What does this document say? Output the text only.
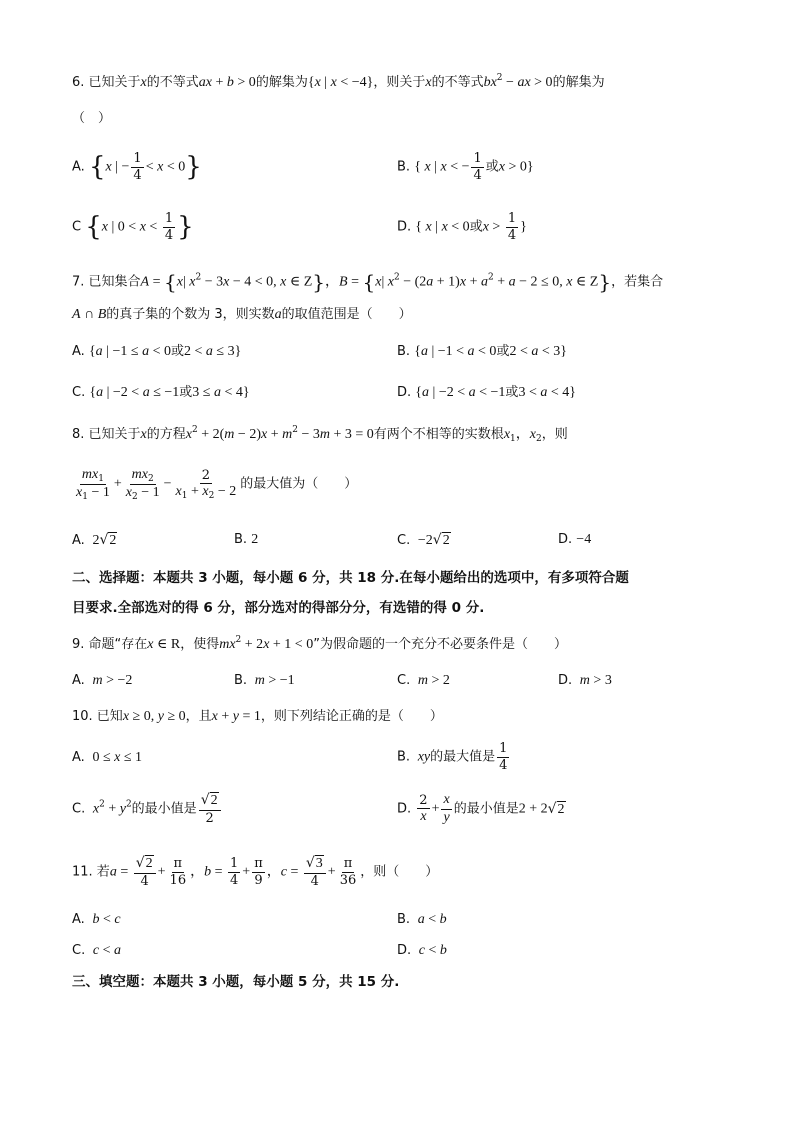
6. 已知关于x的不等式ax + b > 0的解集为{x | x < −4}，则关于x的不等式$bx^2$ − ax > 0的解集为
（　）
A. {x | − $\frac{1}{4} < x < 0$}	B. { x | x < − $\frac{1}{4}$ 或x > 0}
C {x | $0 < x < \frac{1}{4}$ }	D. { x | x < 0或$x > \frac{1}{4}$ }
7. 已知集合A = {x| $x^2 - 3x - 4 < 0$, x ∈ Z}，B = {x| $x^2 - (2a + 1)x + a^2 + a - 2 \le 0$, x ∈ Z}，若集合
A ∩ B的真子集的个数为 3，则实数a的取值范围是（　　）
A. {a | −1 ≤ a < 0或2 < a ≤ 3}	B. {a | −1 < a < 0或2 < a < 3}
C. {a | −2 < a ≤ −1或3 ≤ a < 4}	D. {a | −2 < a < −1或3 < a < 4}
8. 已知关于x的方程$x^2 + 2(m - 2)x + m^2 - 3m + 3 = 0$有两个不相等的实数根$x_1$，$x_2$，则
$\frac{mx_1}{x_1 - 1} + \frac{mx_2}{x_2 - 1} - \frac{2}{x_1 + x_2 - 2}$ 的最大值为（　　）
A.  2√2	B. 2	C.  −2√2	D. −4
二、选择题：本题共 3 小题，每小题 6 分，共 18 分.在每小题给出的选项中，有多项符合题
目要求.全部选对的得 6 分，部分选对的得部分分，有选错的得 0 分.
9. 命题“存在x ∈ R，使得$mx^2 + 2x + 1 < 0$”为假命题的一个充分不必要条件是（　　）
A.  m > −2	B.  m > −1	C.  m > 2	D.  m > 3
10. 已知x ≥ 0, y ≥ 0，且x + y = 1，则下列结论正确的是（　　）
A.  0 ≤ x ≤ 1	B.  xy的最大值是 $\frac{1}{4}$
C.  $x^2 + y^2$的最小值是 $\frac{√2}{2}$	D. $\frac{2}{x} + \frac{x}{y}$ 的最小值是2 + 2√2
11. 若$a = \frac{√2}{4} + \frac{\pi}{16}$ ，$b = \frac{1}{4} + \frac{\pi}{9}$ ，$c = \frac{√3}{4} + \frac{\pi}{36}$ ，则（　　）
A.  b < c	B.  a < b
C.  c < a	D.  c < b
三、填空题：本题共 3 小题，每小题 5 分，共 15 分.
